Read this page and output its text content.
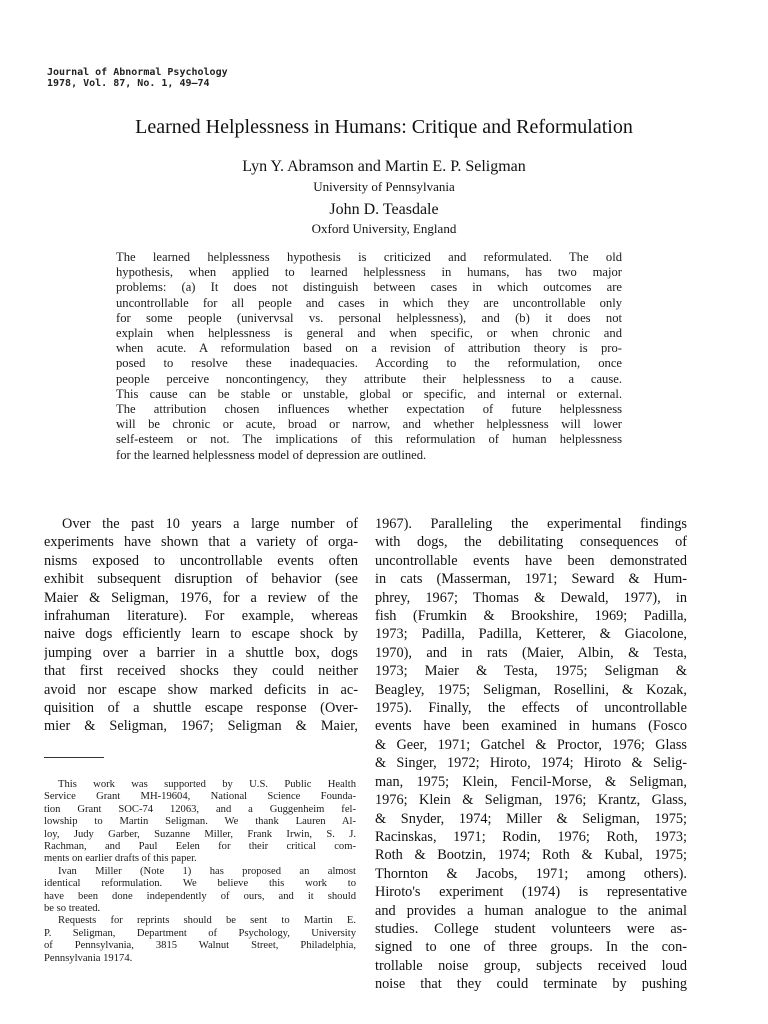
Journal of Abnormal Psychology
1978, Vol. 87, No. 1, 49–74
Learned Helplessness in Humans: Critique and Reformulation
Lyn Y. Abramson and Martin E. P. Seligman
University of Pennsylvania
John D. Teasdale
Oxford University, England
The learned helplessness hypothesis is criticized and reformulated. The old
hypothesis, when applied to learned helplessness in humans, has two major
problems: (a) It does not distinguish between cases in which outcomes are
uncontrollable for all people and cases in which they are uncontrollable only
for some people (univervsal vs. personal helplessness), and (b) it does not
explain when helplessness is general and when specific, or when chronic and
when acute. A reformulation based on a revision of attribution theory is pro-
posed to resolve these inadequacies. According to the reformulation, once
people perceive noncontingency, they attribute their helplessness to a cause.
This cause can be stable or unstable, global or specific, and internal or external.
The attribution chosen influences whether expectation of future helplessness
will be chronic or acute, broad or narrow, and whether helplessness will lower
self-esteem or not. The implications of this reformulation of human helplessness
for the learned helplessness model of depression are outlined.
Over the past 10 years a large number of
experiments have shown that a variety of orga-
nisms exposed to uncontrollable events often
exhibit subsequent disruption of behavior (see
Maier & Seligman, 1976, for a review of the
infrahuman literature). For example, whereas
naive dogs efficiently learn to escape shock by
jumping over a barrier in a shuttle box, dogs
that first received shocks they could neither
avoid nor escape show marked deficits in ac-
quisition of a shuttle escape response (Over-
mier & Seligman, 1967; Seligman & Maier,
This work was supported by U.S. Public Health
Service Grant MH-19604, National Science Founda-
tion Grant SOC-74 12063, and a Guggenheim fel-
lowship to Martin Seligman. We thank Lauren Al-
loy, Judy Garber, Suzanne Miller, Frank Irwin, S. J.
Rachman, and Paul Eelen for their critical com-
ments on earlier drafts of this paper.
Ivan Miller (Note 1) has proposed an almost
identical reformulation. We believe this work to
have been done independently of ours, and it should
be so treated.
Requests for reprints should be sent to Martin E.
P. Seligman, Department of Psychology, University
of Pennsylvania, 3815 Walnut Street, Philadelphia,
Pennsylvania 19174.
1967). Paralleling the experimental findings
with dogs, the debilitating consequences of
uncontrollable events have been demonstrated
in cats (Masserman, 1971; Seward & Hum-
phrey, 1967; Thomas & Dewald, 1977), in
fish (Frumkin & Brookshire, 1969; Padilla,
1973; Padilla, Padilla, Ketterer, & Giacolone,
1970), and in rats (Maier, Albin, & Testa,
1973; Maier & Testa, 1975; Seligman &
Beagley, 1975; Seligman, Rosellini, & Kozak,
1975). Finally, the effects of uncontrollable
events have been examined in humans (Fosco
& Geer, 1971; Gatchel & Proctor, 1976; Glass
& Singer, 1972; Hiroto, 1974; Hiroto & Selig-
man, 1975; Klein, Fencil-Morse, & Seligman,
1976; Klein & Seligman, 1976; Krantz, Glass,
& Snyder, 1974; Miller & Seligman, 1975;
Racinskas, 1971; Rodin, 1976; Roth, 1973;
Roth & Bootzin, 1974; Roth & Kubal, 1975;
Thornton & Jacobs, 1971; among others).
Hiroto's experiment (1974) is representative
and provides a human analogue to the animal
studies. College student volunteers were as-
signed to one of three groups. In the con-
trollable noise group, subjects received loud
noise that they could terminate by pushing
